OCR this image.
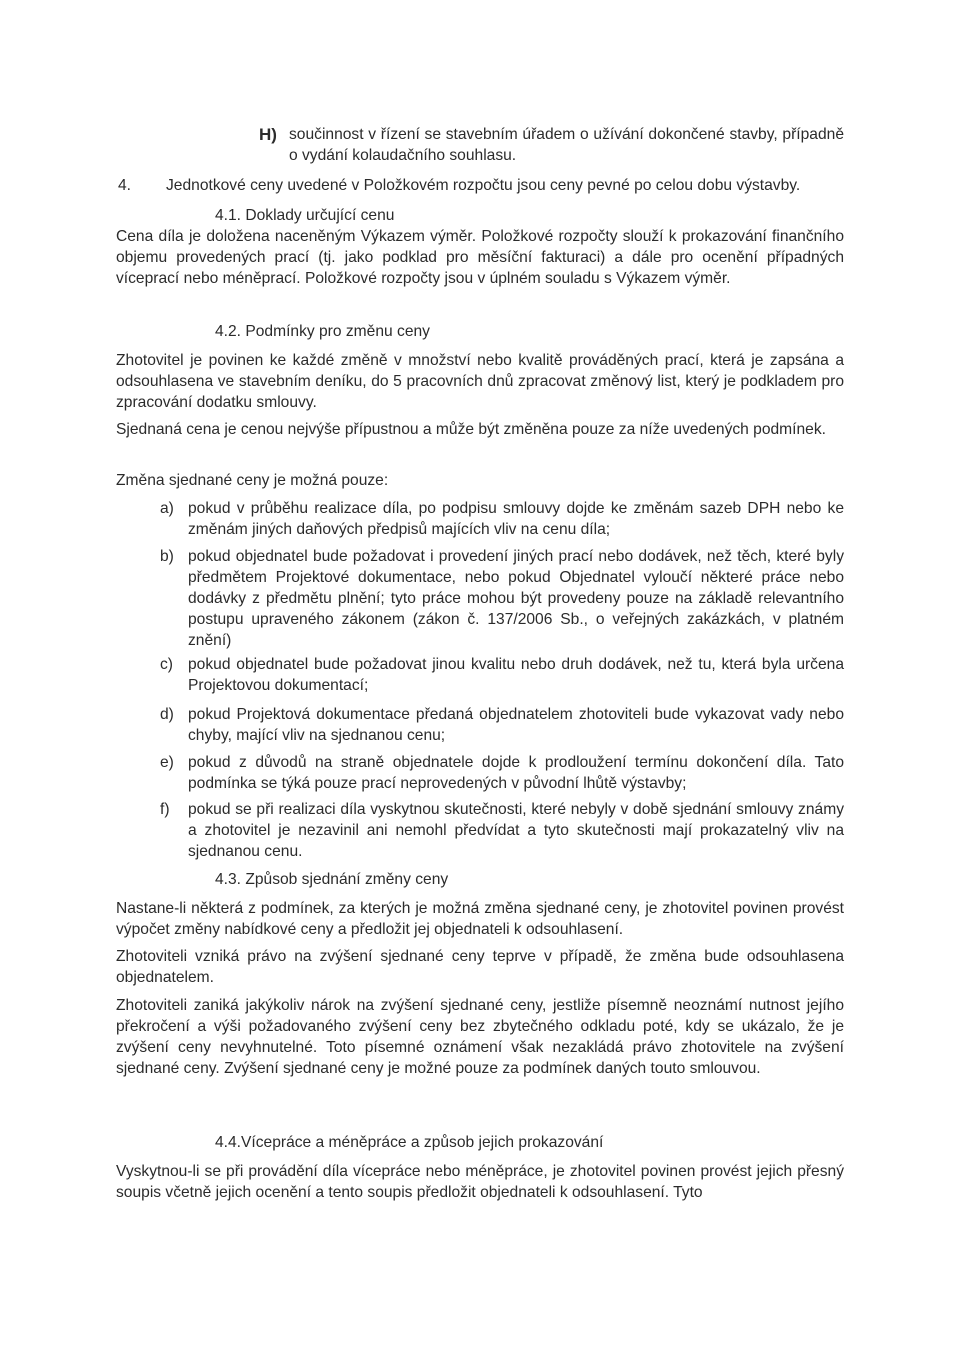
H) součinnost v řízení se stavebním úřadem o užívání dokončené stavby, případně o vydání kolaudačního souhlasu.
4. Jednotkové ceny uvedené v Položkovém rozpočtu jsou ceny pevné po celou dobu výstavby.
4.1. Doklady určující cenu
Cena díla je doložena naceněným Výkazem výměr. Položkové rozpočty slouží k prokazování finančního objemu provedených prací (tj. jako podklad pro měsíční fakturaci) a dále pro ocenění případných víceprací nebo méněprací. Položkové rozpočty jsou v úplném souladu s Výkazem výměr.
4.2. Podmínky pro změnu ceny
Zhotovitel je povinen ke každé změně v množství nebo kvalitě prováděných prací, která je zapsána a odsouhlasena ve stavebním deníku, do 5 pracovních dnů zpracovat změnový list, který je podkladem pro zpracování dodatku smlouvy.
Sjednaná cena je cenou nejvýše přípustnou a může být změněna pouze za níže uvedených podmínek.
Změna sjednané ceny je možná pouze:
a) pokud v průběhu realizace díla, po podpisu smlouvy dojde ke změnám sazeb DPH nebo ke změnám jiných daňových předpisů majících vliv na cenu díla;
b) pokud objednatel bude požadovat i provedení jiných prací nebo dodávek, než těch, které byly předmětem Projektové dokumentace, nebo pokud Objednatel vyloučí některé práce nebo dodávky z předmětu plnění; tyto práce mohou být provedeny pouze na základě relevantního postupu upraveného zákonem (zákon č. 137/2006 Sb., o veřejných zakázkách, v platném znění)
c) pokud objednatel bude požadovat jinou kvalitu nebo druh dodávek, než tu, která byla určena Projektovou dokumentací;
d) pokud Projektová dokumentace předaná objednatelem zhotoviteli bude vykazovat vady nebo chyby, mající vliv na sjednanou cenu;
e) pokud z důvodů na straně objednatele dojde k prodloužení termínu dokončení díla. Tato podmínka se týká pouze prací neprovedených v původní lhůtě výstavby;
f) pokud se při realizaci díla vyskytnou skutečnosti, které nebyly v době sjednání smlouvy známy a zhotovitel je nezavinil ani nemohl předvídat a tyto skutečnosti mají prokazatelný vliv na sjednanou cenu.
4.3. Způsob sjednání změny ceny
Nastane-li některá z podmínek, za kterých je možná změna sjednané ceny, je zhotovitel povinen provést výpočet změny nabídkové ceny a předložit jej objednateli k odsouhlasení.
Zhotoviteli vzniká právo na zvýšení sjednané ceny teprve v případě, že změna bude odsouhlasena objednatelem.
Zhotoviteli zaniká jakýkoliv nárok na zvýšení sjednané ceny, jestliže písemně neoznámí nutnost jejího překročení a výši požadovaného zvýšení ceny bez zbytečného odkladu poté, kdy se ukázalo, že je zvýšení ceny nevyhnutelné. Toto písemné oznámení však nezakládá právo zhotovitele na zvýšení sjednané ceny. Zvýšení sjednané ceny je možné pouze za podmínek daných touto smlouvou.
4.4.Vícepráce a méněpráce a způsob jejich prokazování
Vyskytnou-li se při provádění díla vícepráce nebo méněpráce, je zhotovitel povinen provést jejich přesný soupis včetně jejich ocenění a tento soupis předložit objednateli k odsouhlasení. Tyto
